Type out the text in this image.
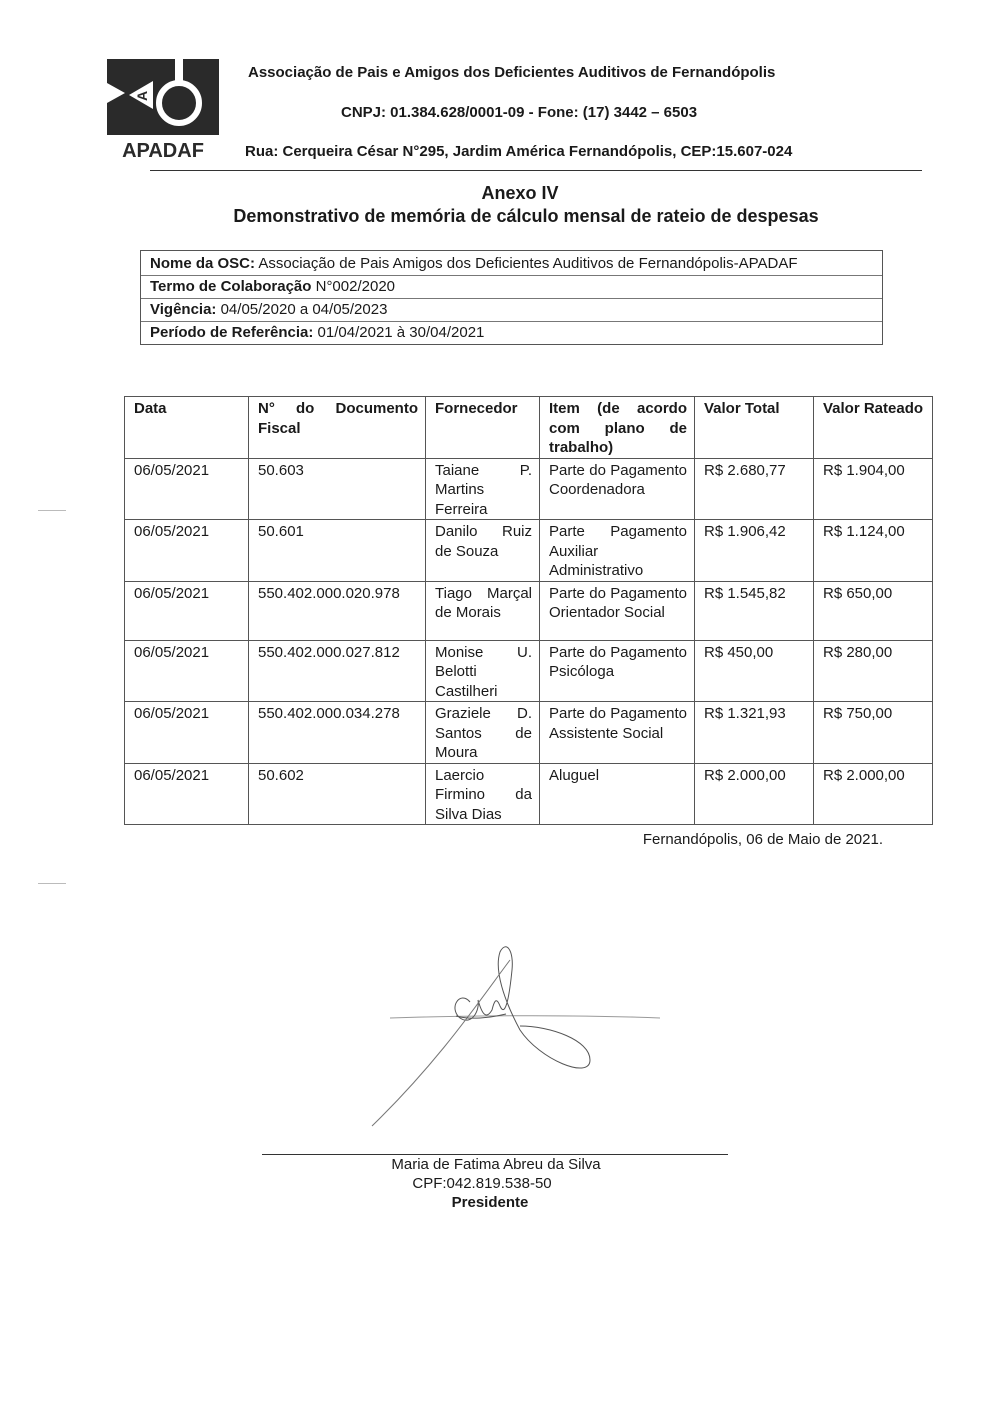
A
APADAF
Associação de Pais e Amigos dos Deficientes Auditivos de Fernandópolis
CNPJ: 01.384.628/0001-09 - Fone: (17) 3442 – 6503
Rua: Cerqueira César N°295, Jardim América Fernandópolis, CEP:15.607-024
Anexo IV
Demonstrativo de memória de cálculo mensal de rateio de despesas
Nome da OSC: Associação de Pais Amigos dos Deficientes Auditivos de Fernandópolis-APADAF
Termo de Colaboração N°002/2020
Vigência: 04/05/2020 a 04/05/2023
Período de Referência: 01/04/2021 à 30/04/2021
Data	N° do Documento Fiscal	Fornecedor	Item (de acordo com plano de trabalho)	Valor Total	Valor Rateado
06/05/2021	50.603	Taiane P. Martins Ferreira	Parte do Pagamento Coordenadora	R$ 2.680,77	R$ 1.904,00
06/05/2021	50.601	Danilo Ruiz de Souza	Parte Pagamento Auxiliar Administrativo	R$ 1.906,42	R$ 1.124,00
06/05/2021	550.402.000.020.978	Tiago Marçal de Morais	Parte do Pagamento Orientador Social	R$ 1.545,82	R$ 650,00
06/05/2021	550.402.000.027.812	Monise U. Belotti Castilheri	Parte do Pagamento Psicóloga	R$ 450,00	R$ 280,00
06/05/2021	550.402.000.034.278	Graziele D. Santos de Moura	Parte do Pagamento Assistente Social	R$ 1.321,93	R$ 750,00
06/05/2021	50.602	Laercio Firmino da Silva Dias	Aluguel	R$ 2.000,00	R$ 2.000,00
Fernandópolis, 06 de Maio de 2021.
Maria de Fatima Abreu da Silva
CPF:042.819.538-50
Presidente
